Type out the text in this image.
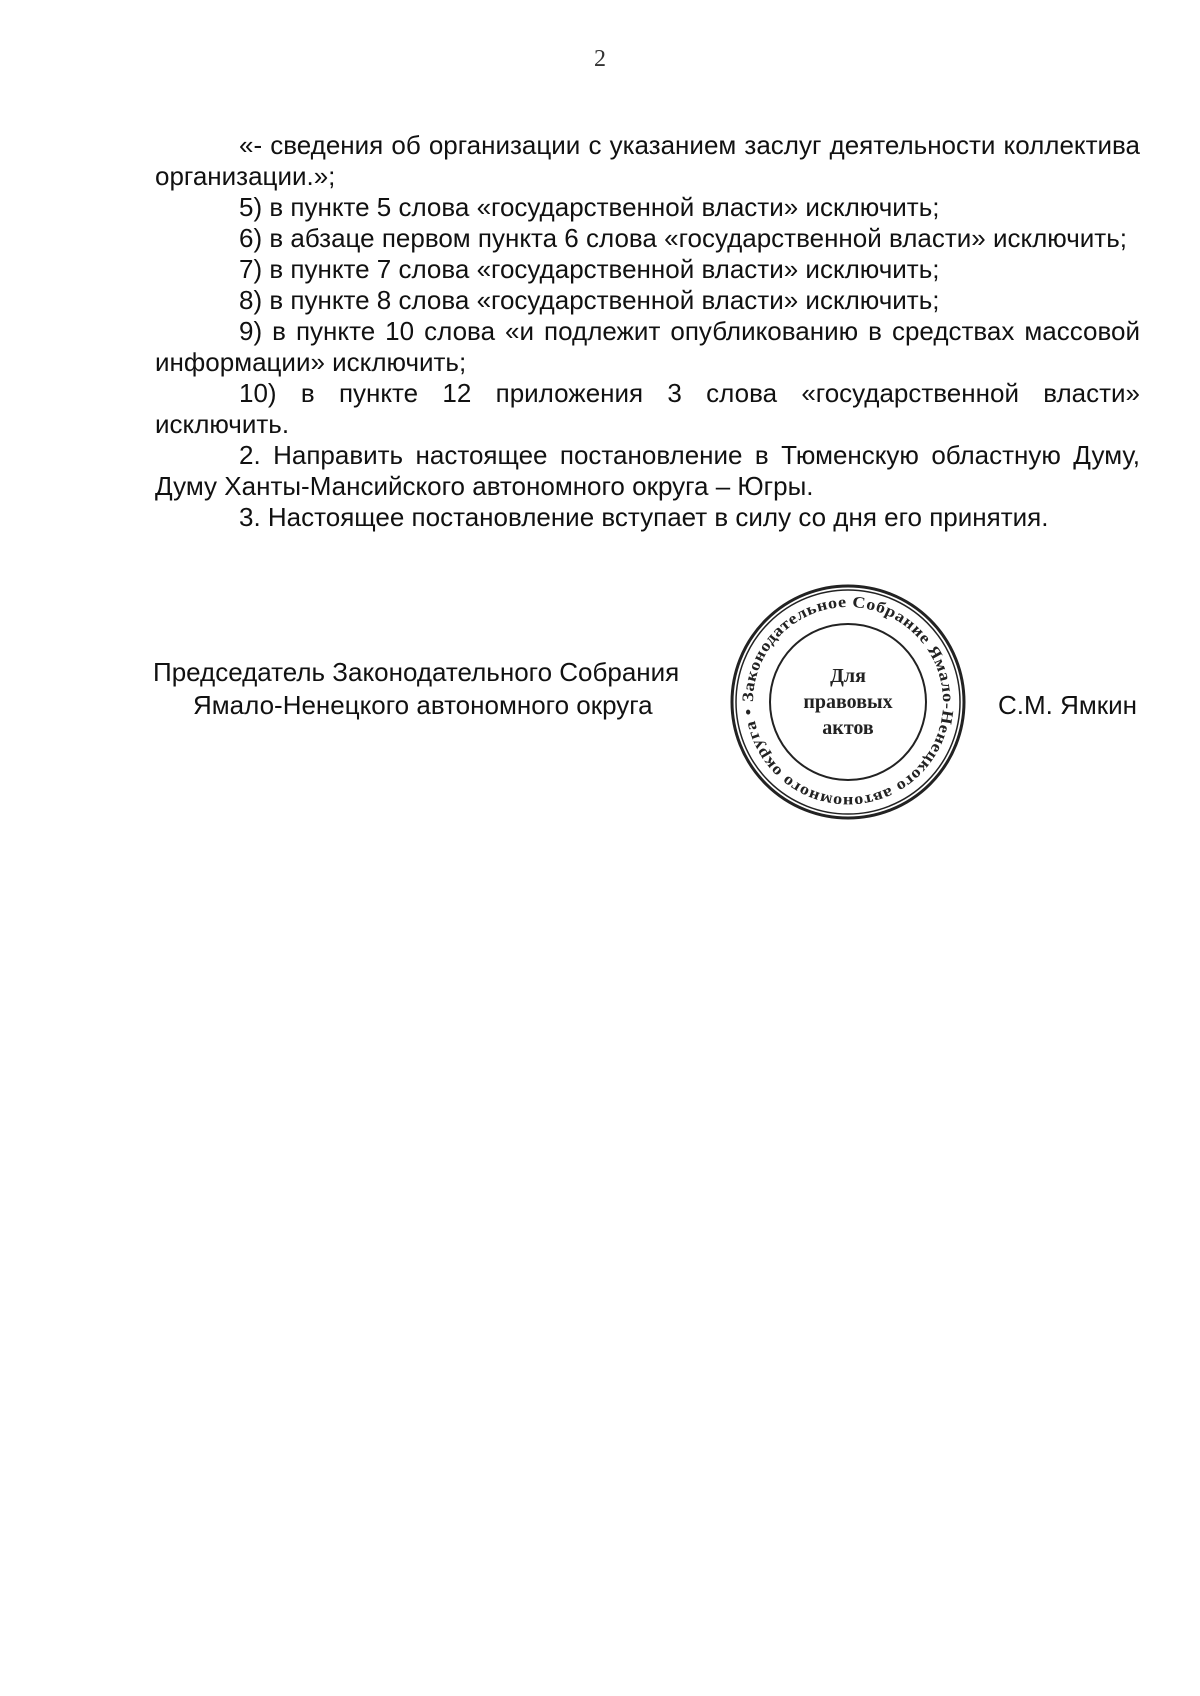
2

«- сведения об организации с указанием заслуг деятельности коллектива организации.»;

5) в пункте 5 слова «государственной власти» исключить;

6) в абзаце первом пункта 6 слова «государственной власти» исключить;

7) в пункте 7 слова «государственной власти» исключить;

8) в пункте 8 слова «государственной власти» исключить;

9) в пункте 10 слова «и подлежит опубликованию в средствах массовой информации» исключить;

10) в пункте 12 приложения 3 слова «государственной власти» исключить.

2. Направить настоящее постановление в Тюменскую областную Думу, Думу Ханты-Мансийского автономного округа – Югры.

3. Настоящее постановление вступает в силу со дня его принятия.

Председатель Законодательного Собрания
Ямало-Ненецкого автономного округа	Законодательное Собрание Ямало-Ненецкого автономного округа •
Для
правовых
актов
С.М. Ямкин
